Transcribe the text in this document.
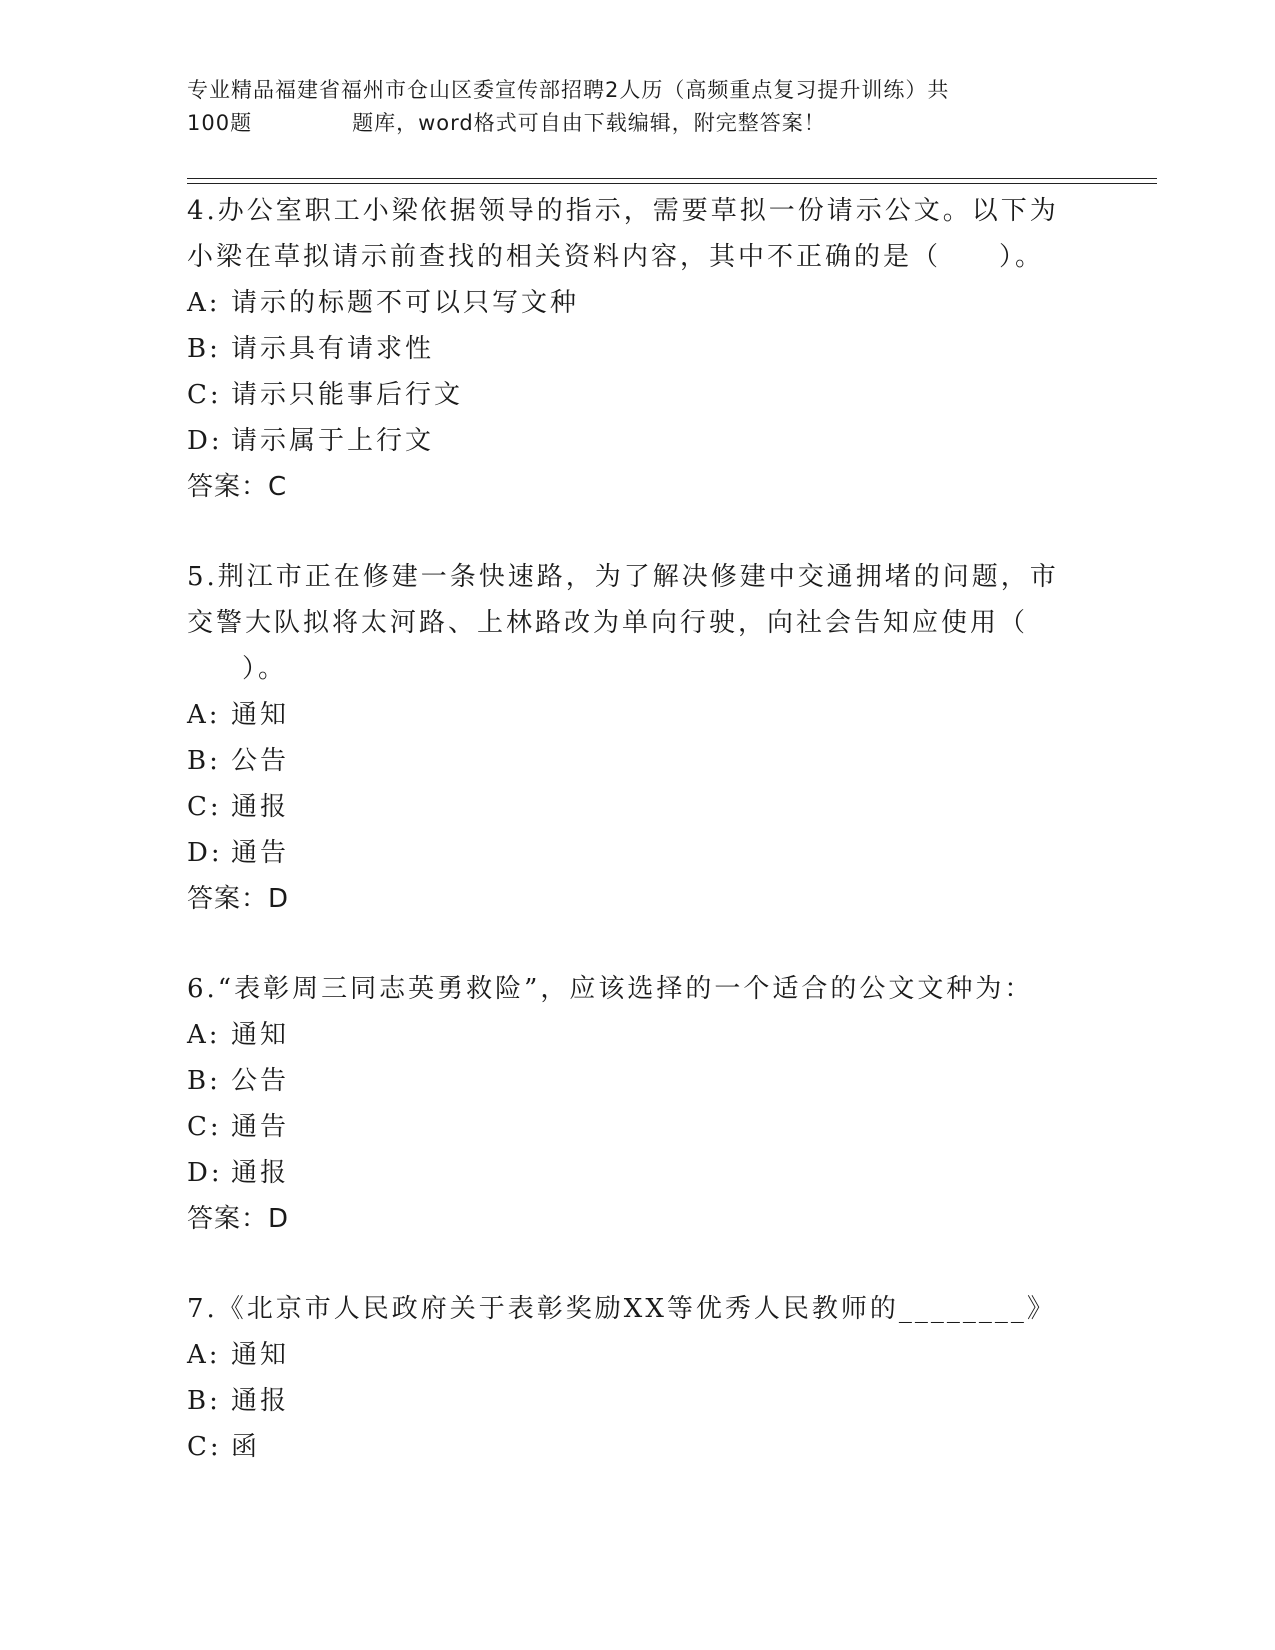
专业精品福建省福州市仓山区委宣传部招聘2人历（高频重点复习提升训练）共
100题	题库，word格式可自由下载编辑，附完整答案！
4.办公室职工小梁依据领导的指示，需要草拟一份请示公文。以下为
小梁在草拟请示前查找的相关资料内容，其中不正确的是（　　）。
A: 请示的标题不可以只写文种
B: 请示具有请求性
C: 请示只能事后行文
D: 请示属于上行文
答案：C
5.荆江市正在修建一条快速路，为了解决修建中交通拥堵的问题，市
交警大队拟将太河路、上林路改为单向行驶，向社会告知应使用（
）。
A: 通知
B: 公告
C: 通报
D: 通告
答案：D
6.“表彰周三同志英勇救险”，应该选择的一个适合的公文文种为：
A: 通知
B: 公告
C: 通告
D: 通报
答案：D
7.《北京市人民政府关于表彰奖励XX等优秀人民教师的________》
A: 通知
B: 通报
C: 函
